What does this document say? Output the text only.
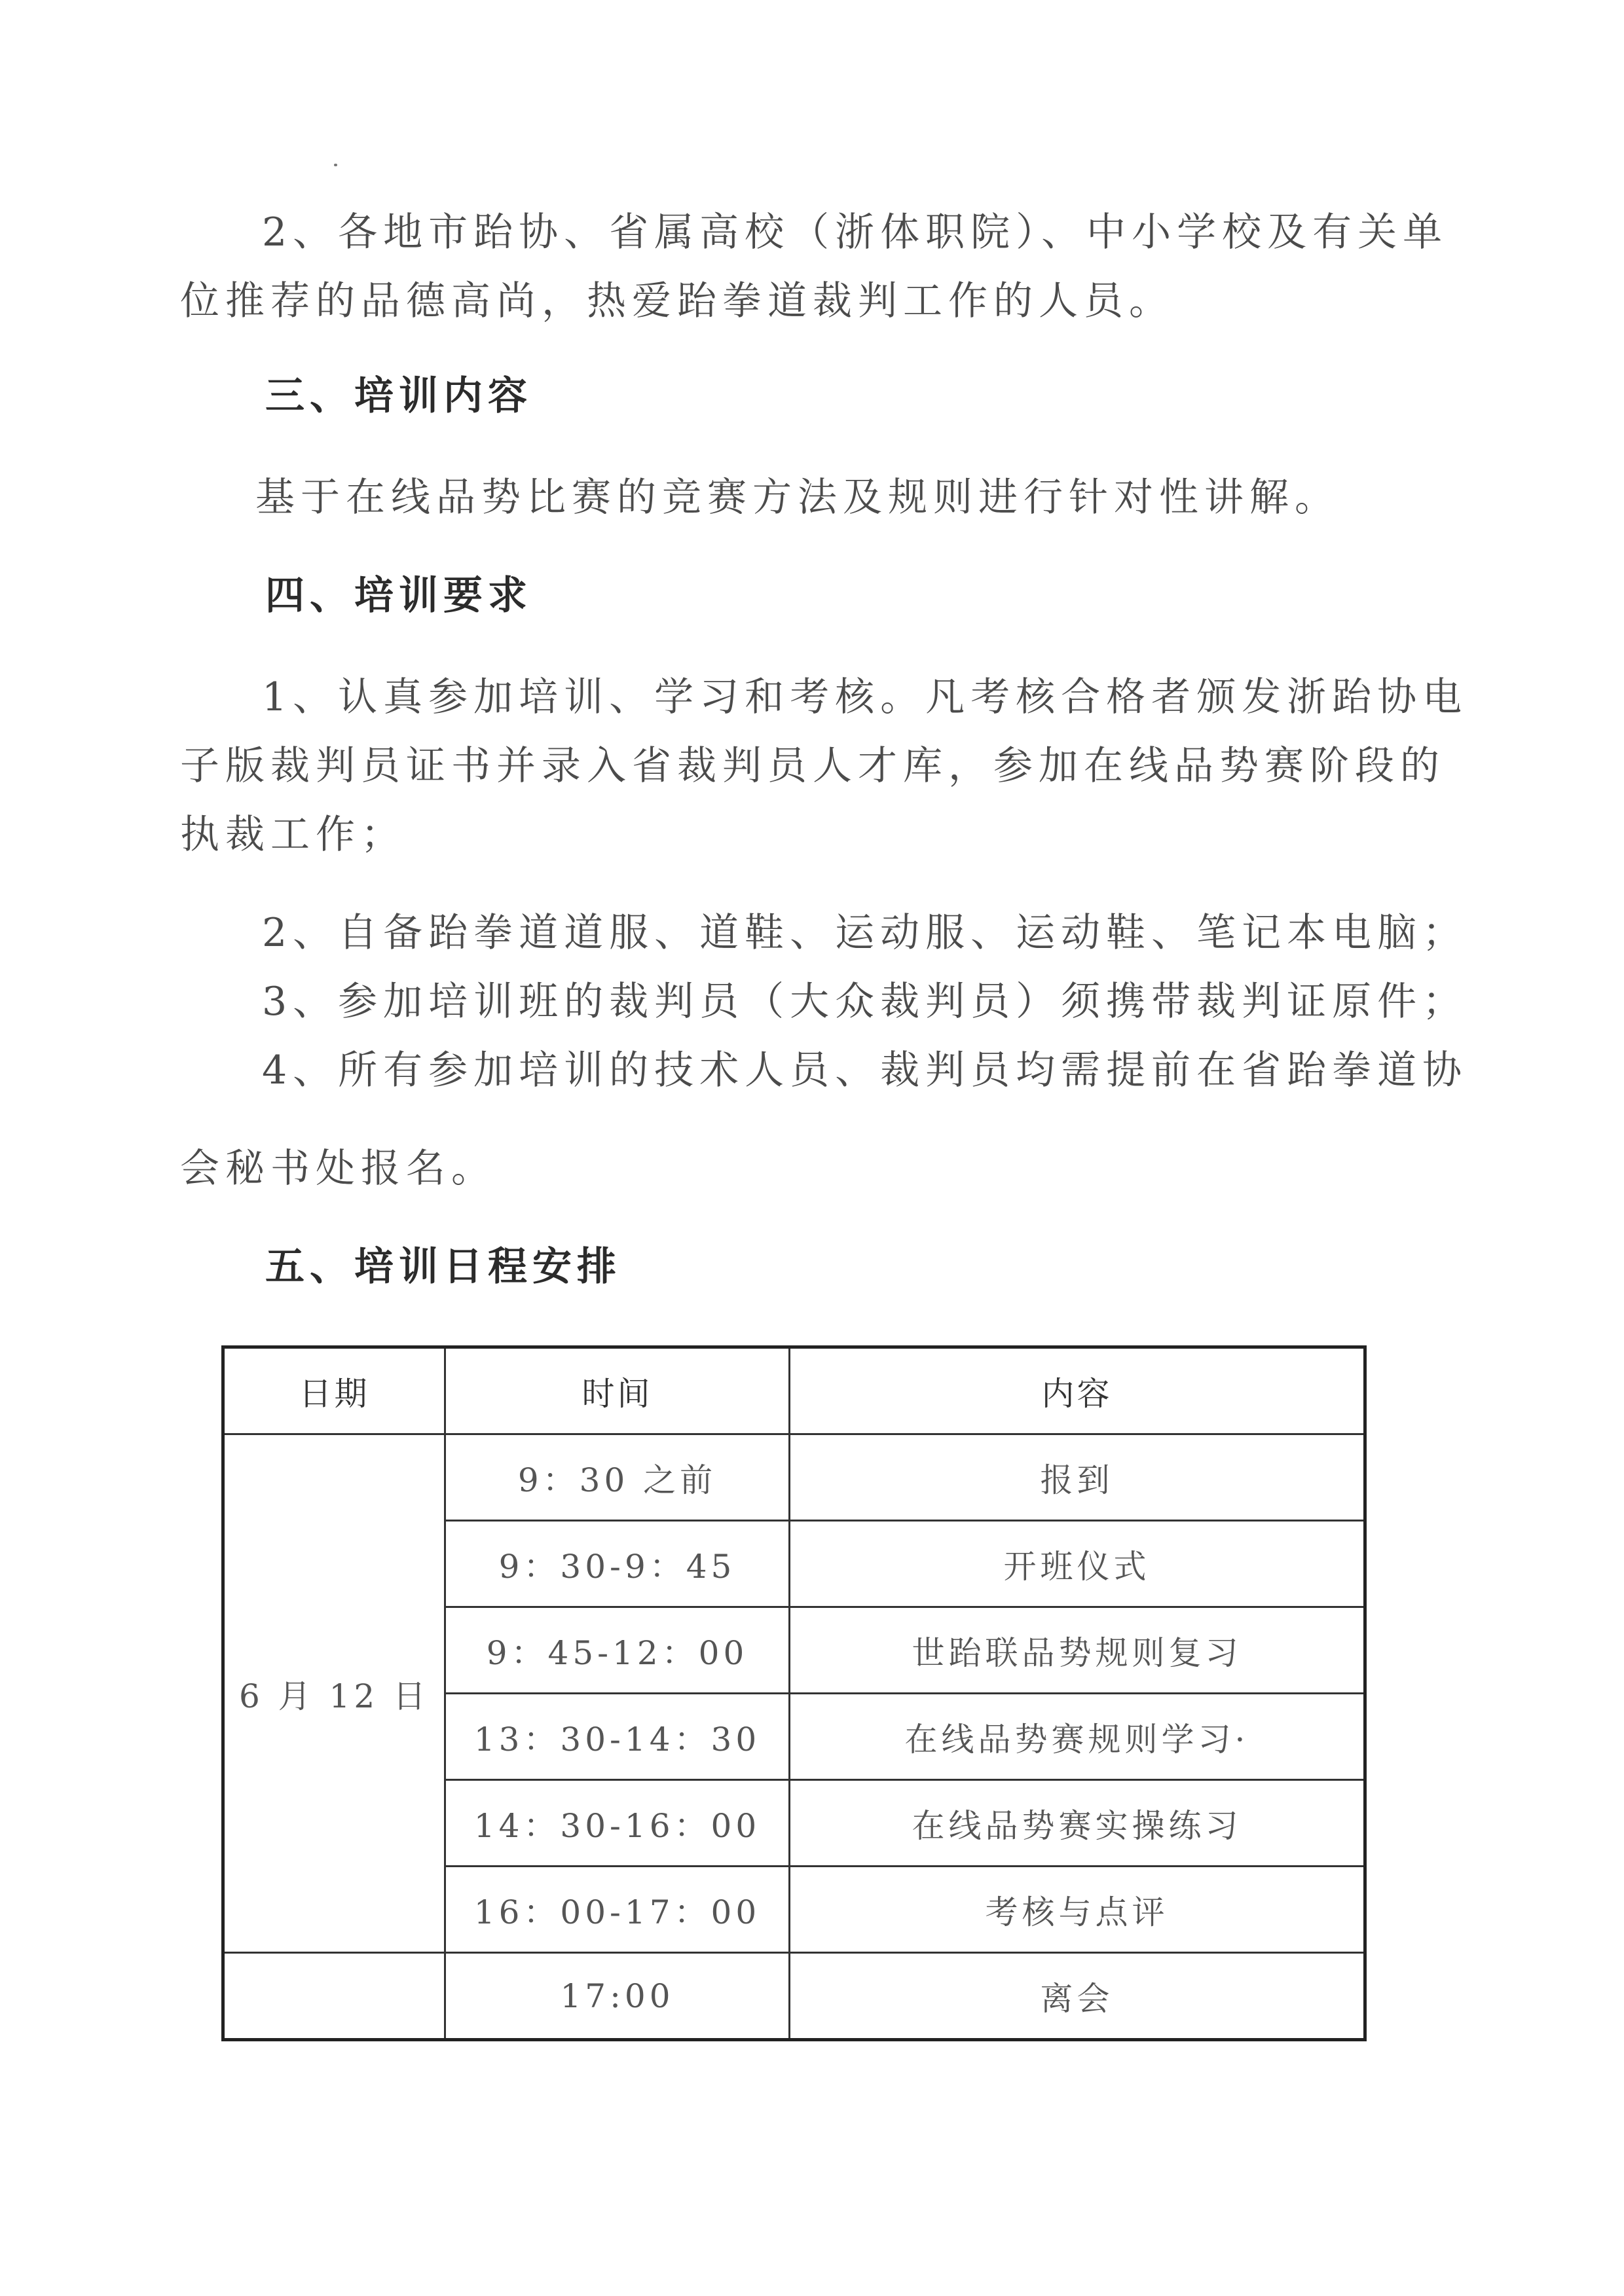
2、各地市跆协、省属高校（浙体职院）、中小学校及有关单
位推荐的品德高尚，热爱跆拳道裁判工作的人员。
三、培训内容
基于在线品势比赛的竞赛方法及规则进行针对性讲解。
四、培训要求
1、认真参加培训、学习和考核。凡考核合格者颁发浙跆协电
子版裁判员证书并录入省裁判员人才库，参加在线品势赛阶段的
执裁工作；
2、自备跆拳道道服、道鞋、运动服、运动鞋、笔记本电脑；
3、参加培训班的裁判员（大众裁判员）须携带裁判证原件；
4、所有参加培训的技术人员、裁判员均需提前在省跆拳道协
会秘书处报名。
五、培训日程安排
日期	时间	内容
6 月 12 日	9：30 之前	报到
	9：30-9：45	开班仪式
	9：45-12：00	世跆联品势规则复习
	13：30-14：30	在线品势赛规则学习·
	14：30-16：00	在线品势赛实操练习
	16：00-17：00	考核与点评
	17:00	离会
